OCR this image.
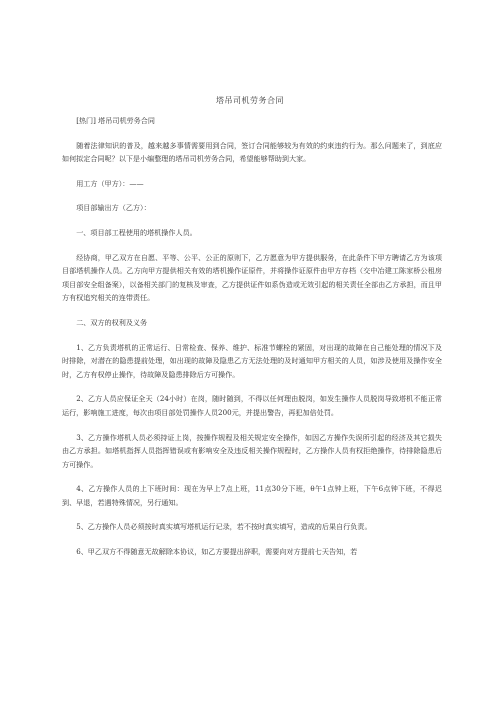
塔吊司机劳务合同

[热门] 塔吊司机劳务合同

随着法律知识的普及，越来越多事情需要用到合同，签订合同能够较为有效的约束违约行为。那么问题来了，到底应如何拟定合同呢？以下是小编整理的塔吊司机劳务合同，希望能够帮助到大家。

用工方（甲方）：——

项目部输出方（乙方）：

一、项目部工程使用的塔机操作人员。

经协商，甲乙双方在自愿、平等、公平、公正的原则下，乙方愿意为甲方提供服务，在此条件下甲方聘请乙方为该项目部塔机操作人员。乙方向甲方提供相关有效的塔机操作证原件，并将操作证原件由甲方存档（交中冶建工陈家桥公租房项目部安全组备案），以备相关部门的复核及审查，乙方提供证件如系伪造或无效引起的相关责任全部由乙方承担，而且甲方有权追究相关的连带责任。

二、双方的权利及义务

1、乙方负责塔机的正常运行、日常检查、保养、维护、标准节螺栓的紧固，对出现的故障在自己能处理的情况下及时排除，对潜在的隐患提前处理，如出现的故障及隐患乙方无法处理的及时通知甲方相关的人员，如涉及使用及操作安全时，乙方有权停止操作，待故障及隐患排除后方可操作。

2、乙方人员应保证全天（24小时）在岗，随时随到，不得以任何理由脱岗，如发生操作人员脱岗导致塔机不能正常运行，影响施工进度，每次由项目部处罚操作人员200元，并提出警告，再犯加倍处罚。

3、乙方操作塔机人员必须持证上岗，按操作规程及相关规定安全操作，如因乙方操作失误所引起的经济及其它损失由乙方承担。如塔机指挥人员指挥错误或有影响安全及违反相关操作规程时，乙方操作人员有权拒绝操作，待排除隐患后方可操作。

4、乙方操作人员的上下班时间：现在为早上7点上班，11点30分下班，θ午1点钟上班，下午6点钟下班，不得迟到、早退，若遇特殊情况，另行通知。

5、乙方操作人员必须按时真实填写塔机运行记录，若不按时真实填写，造成的后果自行负责。

6、甲乙双方不得随意无故解除本协议，如乙方要提出辞职，需要向对方提前七天告知，若
